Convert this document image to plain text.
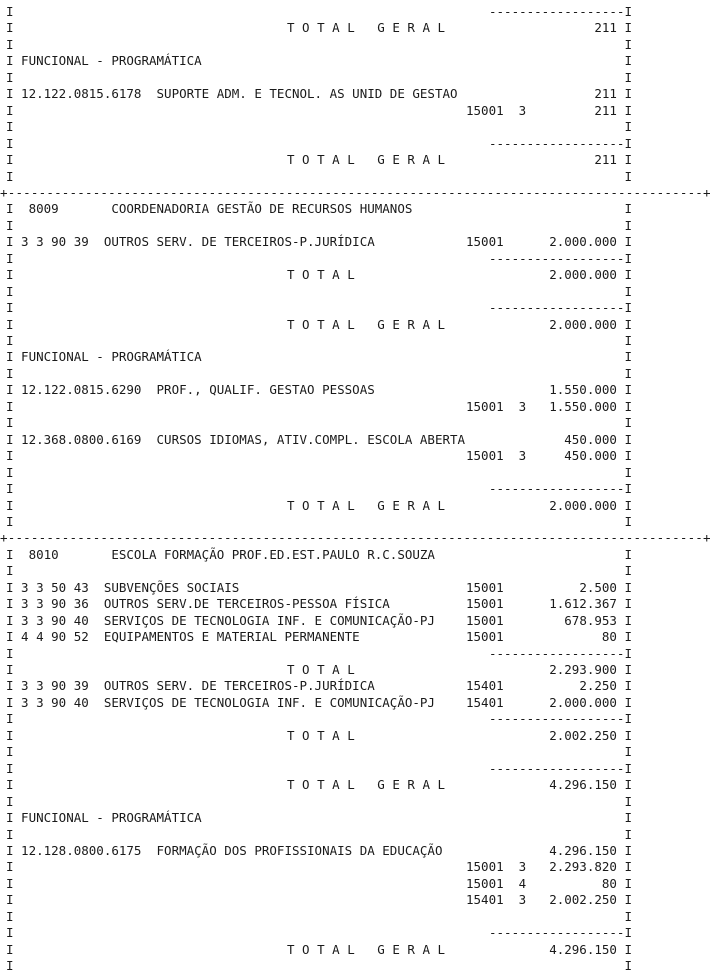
I	------------------I
I	T O T A L   G E R A L	211 I
I	I
I FUNCIONAL - PROGRAMÁTICA	I
I	I
I 12.122.0815.6178  SUPORTE ADM. E TECNOL. AS UNID DE GESTAO	211 I
I	15001  3	211 I
I	I
I	------------------I
I	T O T A L   G E R A L	211 I
I	I
+------------------------------------------------------------------------------------------+
I  8009       COORDENADORIA GESTÃO DE RECURSOS HUMANOS	I
I	I
I 3 3 90 39  OUTROS SERV. DE TERCEIROS-P.JURÍDICA	15001	2.000.000 I
I	------------------I
I	T O T A L	2.000.000 I
I	I
I	------------------I
I	T O T A L   G E R A L	2.000.000 I
I	I
I FUNCIONAL - PROGRAMÁTICA	I
I	I
I 12.122.0815.6290  PROF., QUALIF. GESTAO PESSOAS	1.550.000 I
I	15001  3 1.550.000 I
I	I
I 12.368.0800.6169  CURSOS IDIOMAS, ATIV.COMPL. ESCOLA ABERTA	450.000 I
I	15001  3	450.000 I
I	I
I	------------------I
I	T O T A L   G E R A L	2.000.000 I
I	I
+------------------------------------------------------------------------------------------+
I  8010       ESCOLA FORMAÇÃO PROF.ED.EST.PAULO R.C.SOUZA	I
I	I
I 3 3 50 43  SUBVENÇÕES SOCIAIS	15001	2.500 I
I 3 3 90 36  OUTROS SERV.DE TERCEIROS-PESSOA FÍSICA	15001	1.612.367 I
I 3 3 90 40  SERVIÇOS DE TECNOLOGIA INF. E COMUNICAÇÃO-PJ 15001	678.953 I
I 4 4 90 52  EQUIPAMENTOS E MATERIAL PERMANENTE	15001	80 I
I	------------------I
I	T O T A L	2.293.900 I
I 3 3 90 39  OUTROS SERV. DE TERCEIROS-P.JURÍDICA	15401	2.250 I
I 3 3 90 40  SERVIÇOS DE TECNOLOGIA INF. E COMUNICAÇÃO-PJ 15401	2.000.000 I
I	------------------I
I	T O T A L	2.002.250 I
I	I
I	------------------I
I	T O T A L   G E R A L	4.296.150 I
I	I
I FUNCIONAL - PROGRAMÁTICA	I
I	I
I 12.128.0800.6175  FORMAÇÃO DOS PROFISSIONAIS DA EDUCAÇÃO	4.296.150 I
I	15001  3 2.293.820 I
I	15001  4	80 I
I	15401  3 2.002.250 I
I	I
I	------------------I
I	T O T A L   G E R A L	4.296.150 I
I	I
